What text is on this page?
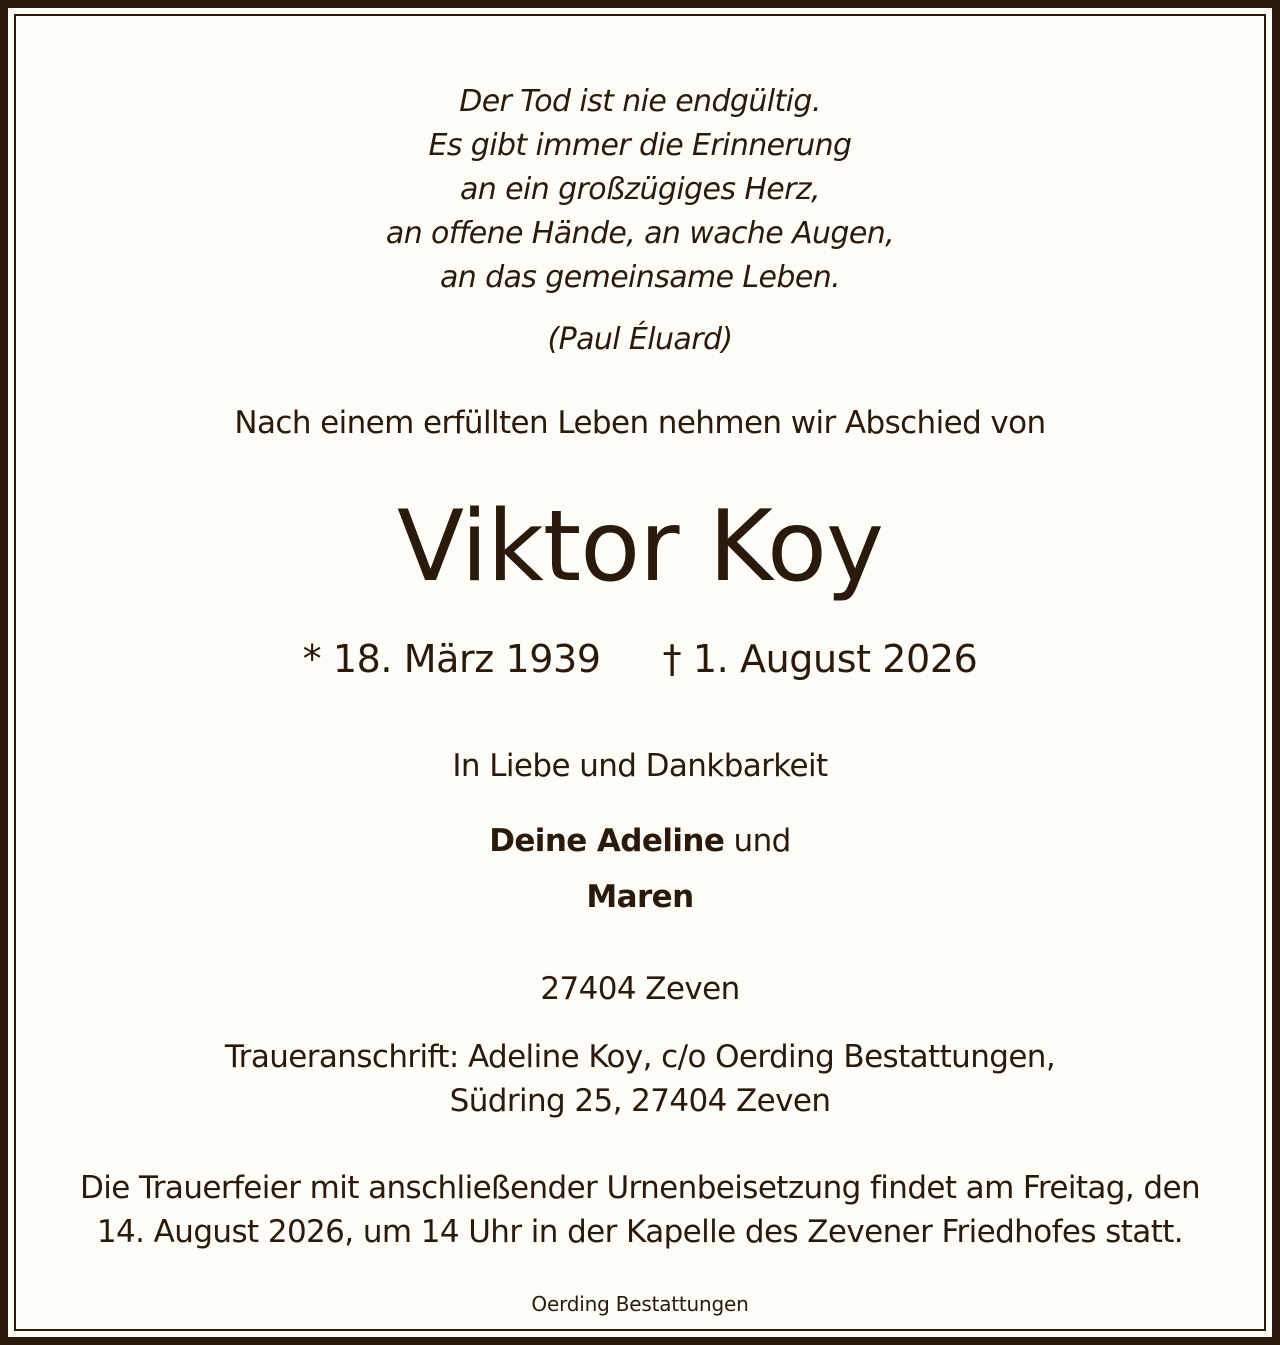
Der Tod ist nie endgültig.
Es gibt immer die Erinnerung
an ein großzügiges Herz,
an offene Hände, an wache Augen,
an das gemeinsame Leben.
(Paul Éluard)
Nach einem erfüllten Leben nehmen wir Abschied von
Viktor Koy
* 18. März 1939 † 1. August 2026
In Liebe und Dankbarkeit
Deine Adeline und
Maren
27404 Zeven
Traueranschrift: Adeline Koy, c/o Oerding Bestattungen,
Südring 25, 27404 Zeven
Die Trauerfeier mit anschließender Urnenbeisetzung findet am Freitag, den
14. August 2026, um 14 Uhr in der Kapelle des Zevener Friedhofes statt.
Oerding Bestattungen
